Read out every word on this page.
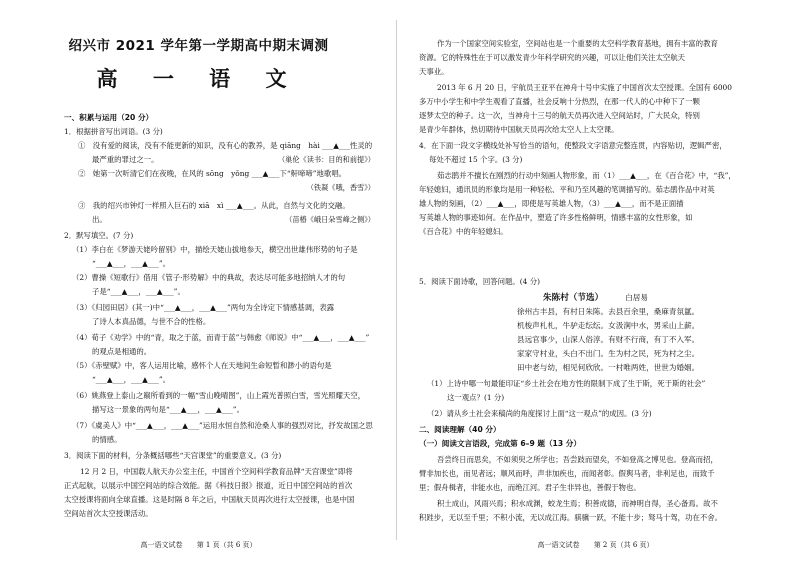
绍兴市 2021 学年第一学期高中期末调测
高 一 语 文
一、积累与运用（20 分）
1．根据拼音写出词语。(3 分)
①　没有爱的阅读，没有不能更新的知识，没有心的教养，是 qiāng　hài ___▲___性灵的
最严重的罪过之一。	（巢伦《读书：目的和前提》）
②　她第一次听清它们在夜晚，在风的 sōng　yǒng ___▲___下“鼾啼啼”地歌唱。
（铁凝《哦，香雪》）
③　我的绍兴市钟灯一样照入巨石的 xiā　xì ___▲___。从此，自然与文化的交融。
出。	（苗椿《峨日朵雪峰之侧》）
2．默写填空。(7 分)
（1）李白在《梦游天姥吟留别》中，描绘天姥山拔地参天，横空出世雄伟形势的句子是
“___▲___，___▲___”。
（2）曹操《短歌行》借用《管子·形势解》中的典故，表达尽可能多地招纳人才的句
子是“___▲___，___▲___”。
（3）《归园田居》(其一)中“___▲___，___▲___”两句为全诗定下情感基调，表露
了诗人本真品德，与世不合的性格。
（4）荀子《劝学》中的“青，取之于蓝，而青于蓝”与韩愈《师说》中“___▲___，___▲___”
的观点是相通的。
（5）《赤壁赋》中，客人运用比喻，感怀个人在天地间生命短暂和渺小的语句是
“___▲___，___▲___”。
（6）姚燕登上泰山之巅所看到的一幅“雪山晚晴图”，山上霞光普照白雪，雪光照耀天空，
描写这一景象的两句是“___▲___，___▲___”。
（7）《虞美人》中“___▲___，___▲___”运用水恒自然和沧桑人事的强烈对比，抒发故国之思
的情感。
3．阅读下面的材料，分条概括哪些“天宫课堂”的重要意义。(3 分)
12 月 2 日，中国载人航天办公室主任，中国首个空间科学教育品牌“天宫课堂”即将
正式起航，以展示中国空间站的综合效能。据《科技日报》报道，近日中国空间站的首次
太空授课将面向全球直播。这是时隔 8 年之后，中国航天员再次进行太空授课，也是中国
空间站首次太空授课活动。
高一语文试卷 第 1 页（共 6 页）
作为一个国家空间实验室，空间站也是一个重要的太空科学教育基地，拥有丰富的教育
资源。它的特殊性在于可以激发青少年科学研究的兴趣，可以让他们关注太空航天
天事业。
2013 年 6 月 20 日，宇航员王亚平在神舟十号中实施了中国首次太空授课。全国有 6000
多万中小学生和中学生观看了直播，社会反响十分热烈，在那一代人的心中种下了一颗
逐梦太空的种子。这一次，当神舟十三号的航天员再次进入空间站时，广大民众，特别
是青少年群体，热切期待中国航天员再次给太空人上太空课。
4．在下面一段文字横线处补写恰当的语句，使整段文字语意完整连贯，内容贴切，逻辑严密，
每处不超过 15 个字。(3 分)
茹志鹃并不擅长在刚烈的行动中刻画人物形象，而（1）___▲___，在《百合花》中，“我”，
年轻媳妇，通讯员的形象均是用一种轻松、平和乃至风趣的笔调描写的。茹志鹃作品中对英
雄人物的刻画，（2）___▲___，即使是写英雄人物，（3）___▲___，而不是正面描
写英雄人物的事迹如何。在作品中，塑造了许多性格鲜明，情感丰富的女性形象，如
《百合花》中的年轻媳妇。
5．阅读下面诗歌，回答问题。(4 分)
朱陈村（节选）	白居易
徐州古丰县，有村日朱陈。去县百余里，桑麻青氛氲。
机梭声札札，牛驴走纭纭。女汲涧中水，男采山上薪。
县远官事少，山深人俗淳。有财不行商，有丁不入军。
家家守村业，头白不出门。生为村之民，死为村之尘。
田中老与幼，相见何欣欣。一村唯两姓，世世为婚姻。
（1）上诗中哪一句最能印证“乡土社会在地方性的限制下成了生于斯，死于斯的社会”
这一观点？(1 分)
（2）请从乡土社会来稿尚的角度探讨上面“这一观点”的成因。(3 分)
二、阅读理解（40 分）
（一）阅读文言语段，完成第 6–9 题（13 分）
吾尝终日而思矣，不如须臾之所学也；吾尝跂而望矣，不如登高之博见也。登高而招，
臂非加长也，而见者远；顺风而呼，声非加疾也，而闻者彰。假舆马者，非利足也，而致千
里；假舟楫者，非能水也，而绝江河。君子生非异也，善假于物也。
积土成山，风雨兴焉；积水成渊，蛟龙生焉；积善成德，而神明自得，圣心备焉。故不
积跬步，无以至千里；不积小流，无以成江海。骐骥一跃，不能十步；驽马十驾，功在不舍。
高一语文试卷 第 2 页（共 6 页）
